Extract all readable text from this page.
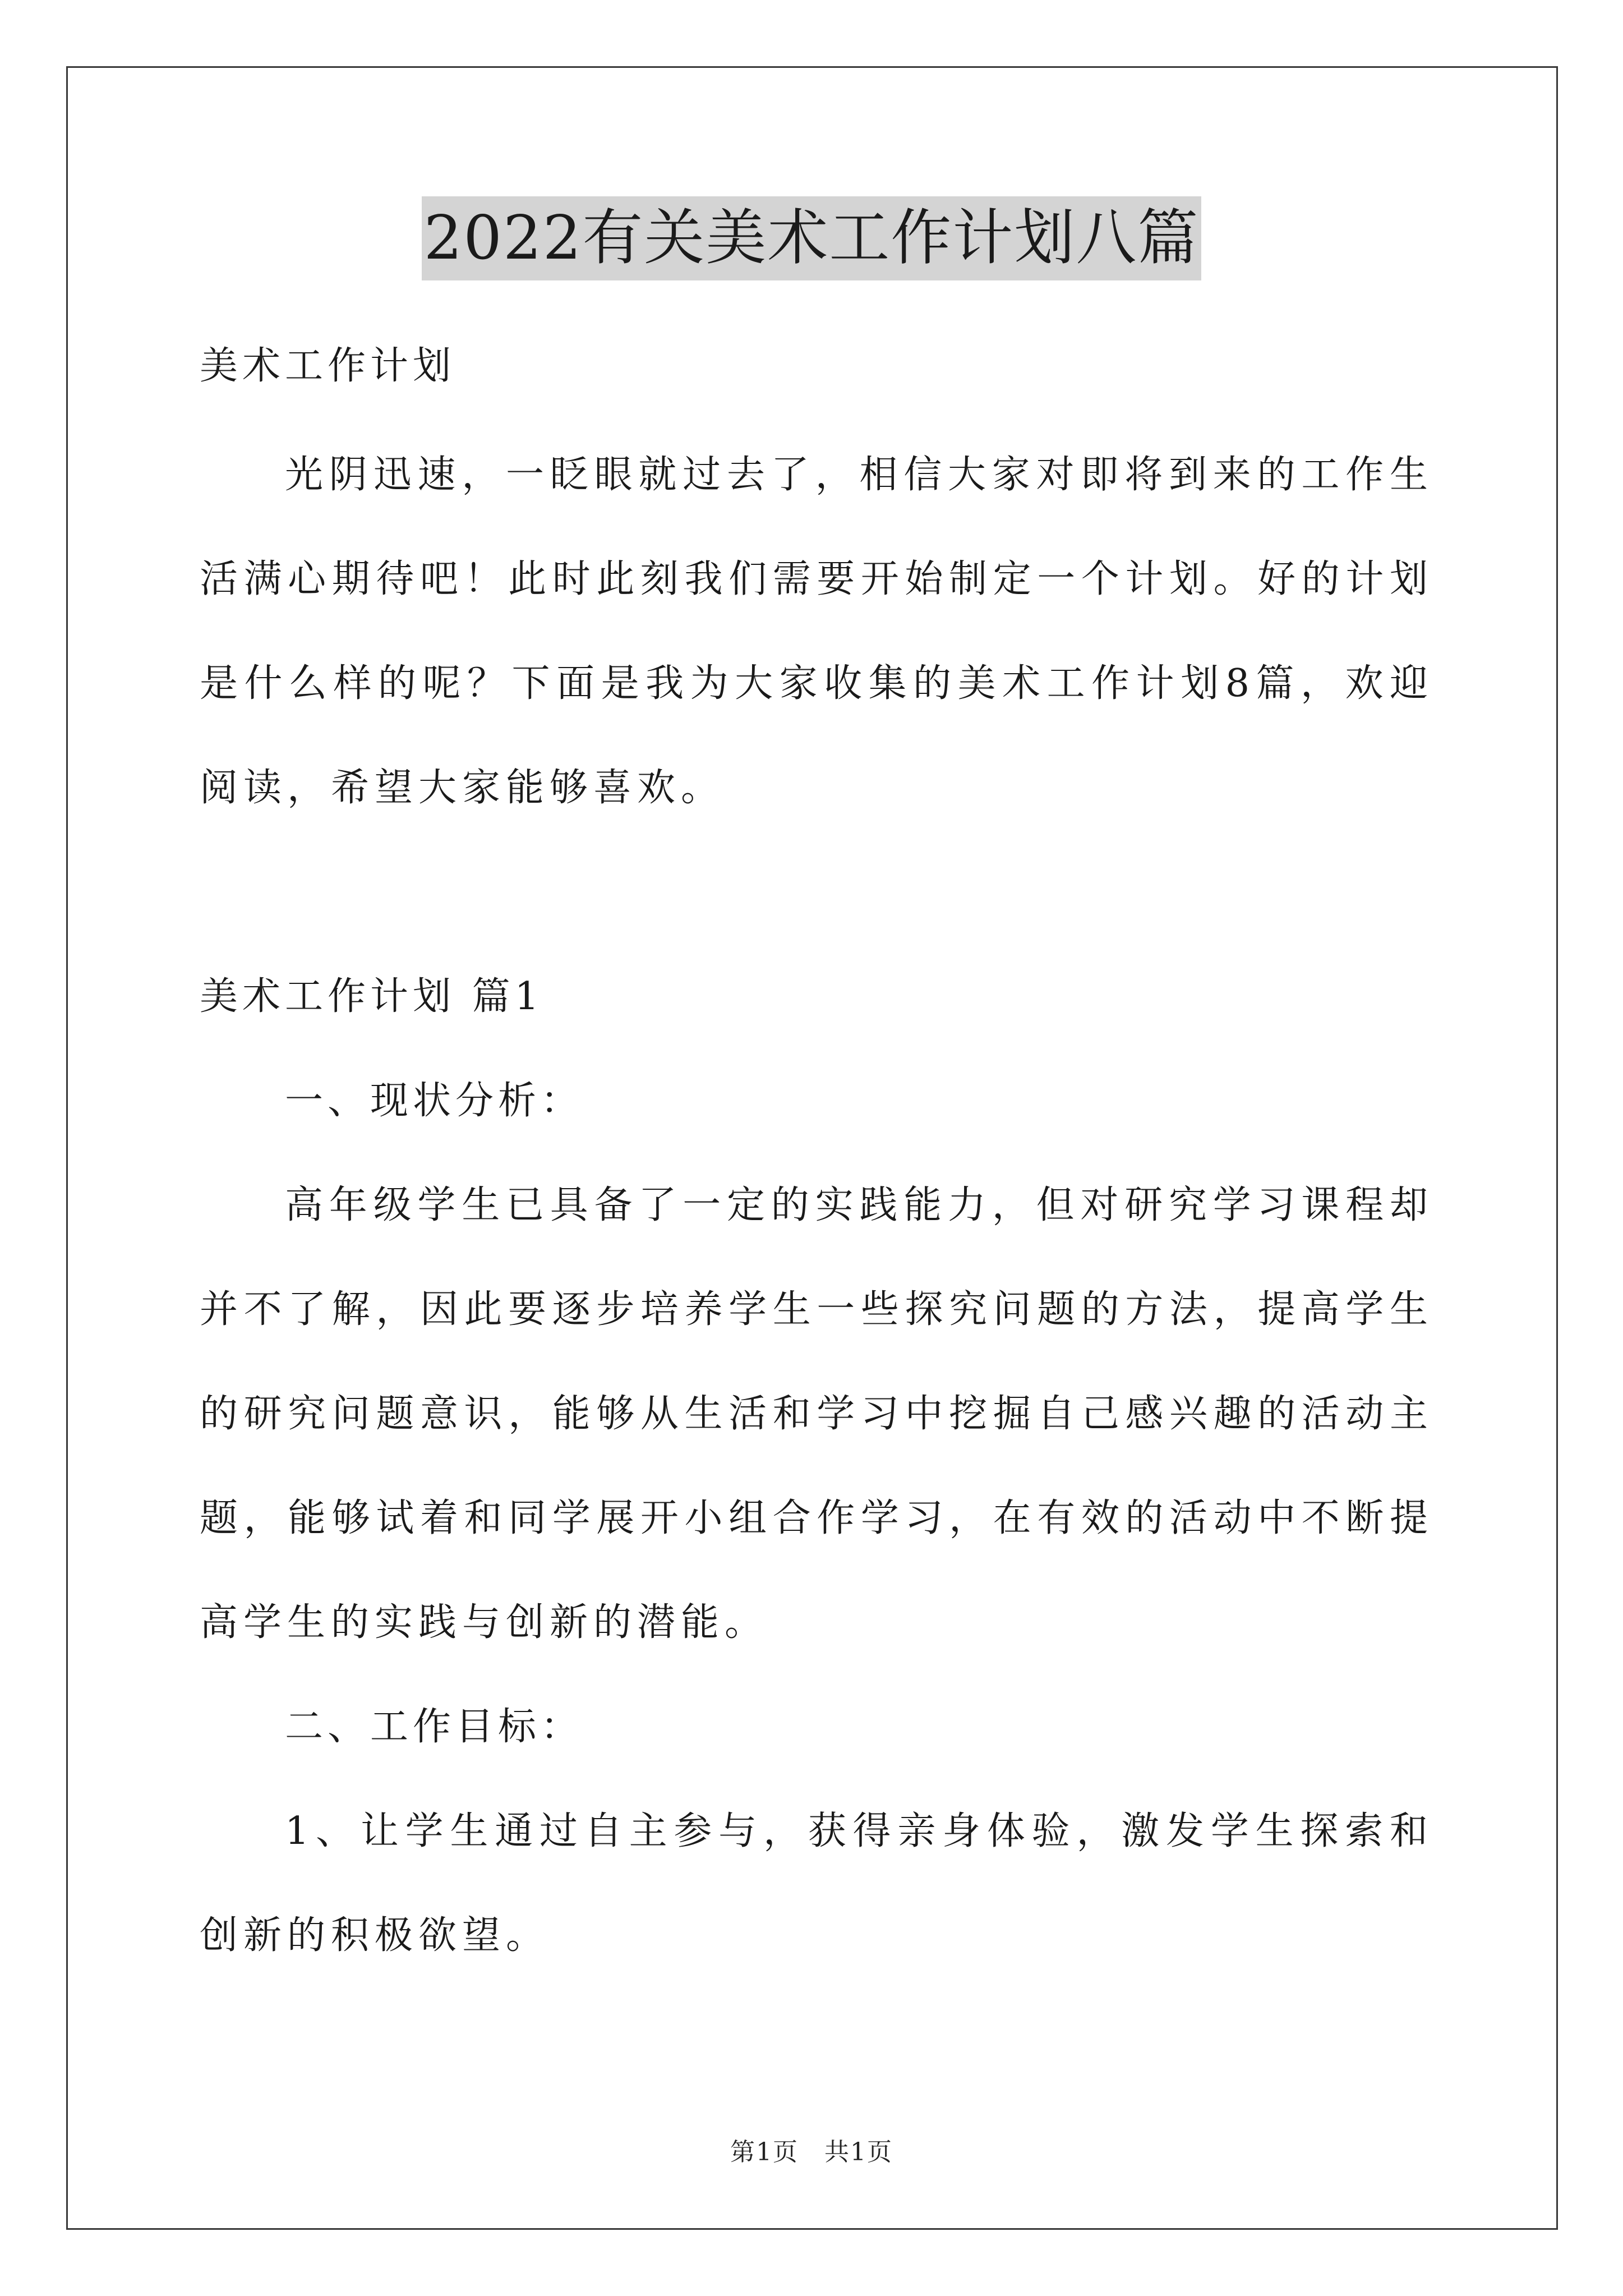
2022有关美术工作计划八篇

美术工作计划

光阴迅速，一眨眼就过去了，相信大家对即将到来的工作生活满心期待吧！此时此刻我们需要开始制定一个计划。好的计划是什么样的呢？下面是我为大家收集的美术工作计划8篇，欢迎阅读，希望大家能够喜欢。

美术工作计划 篇1

一、现状分析：

高年级学生已具备了一定的实践能力，但对研究学习课程却并不了解，因此要逐步培养学生一些探究问题的方法，提高学生的研究问题意识，能够从生活和学习中挖掘自己感兴趣的活动主题，能够试着和同学展开小组合作学习，在有效的活动中不断提高学生的实践与创新的潜能。

二、工作目标：

1、让学生通过自主参与，获得亲身体验，激发学生探索和创新的积极欲望。

第1页　共1页
